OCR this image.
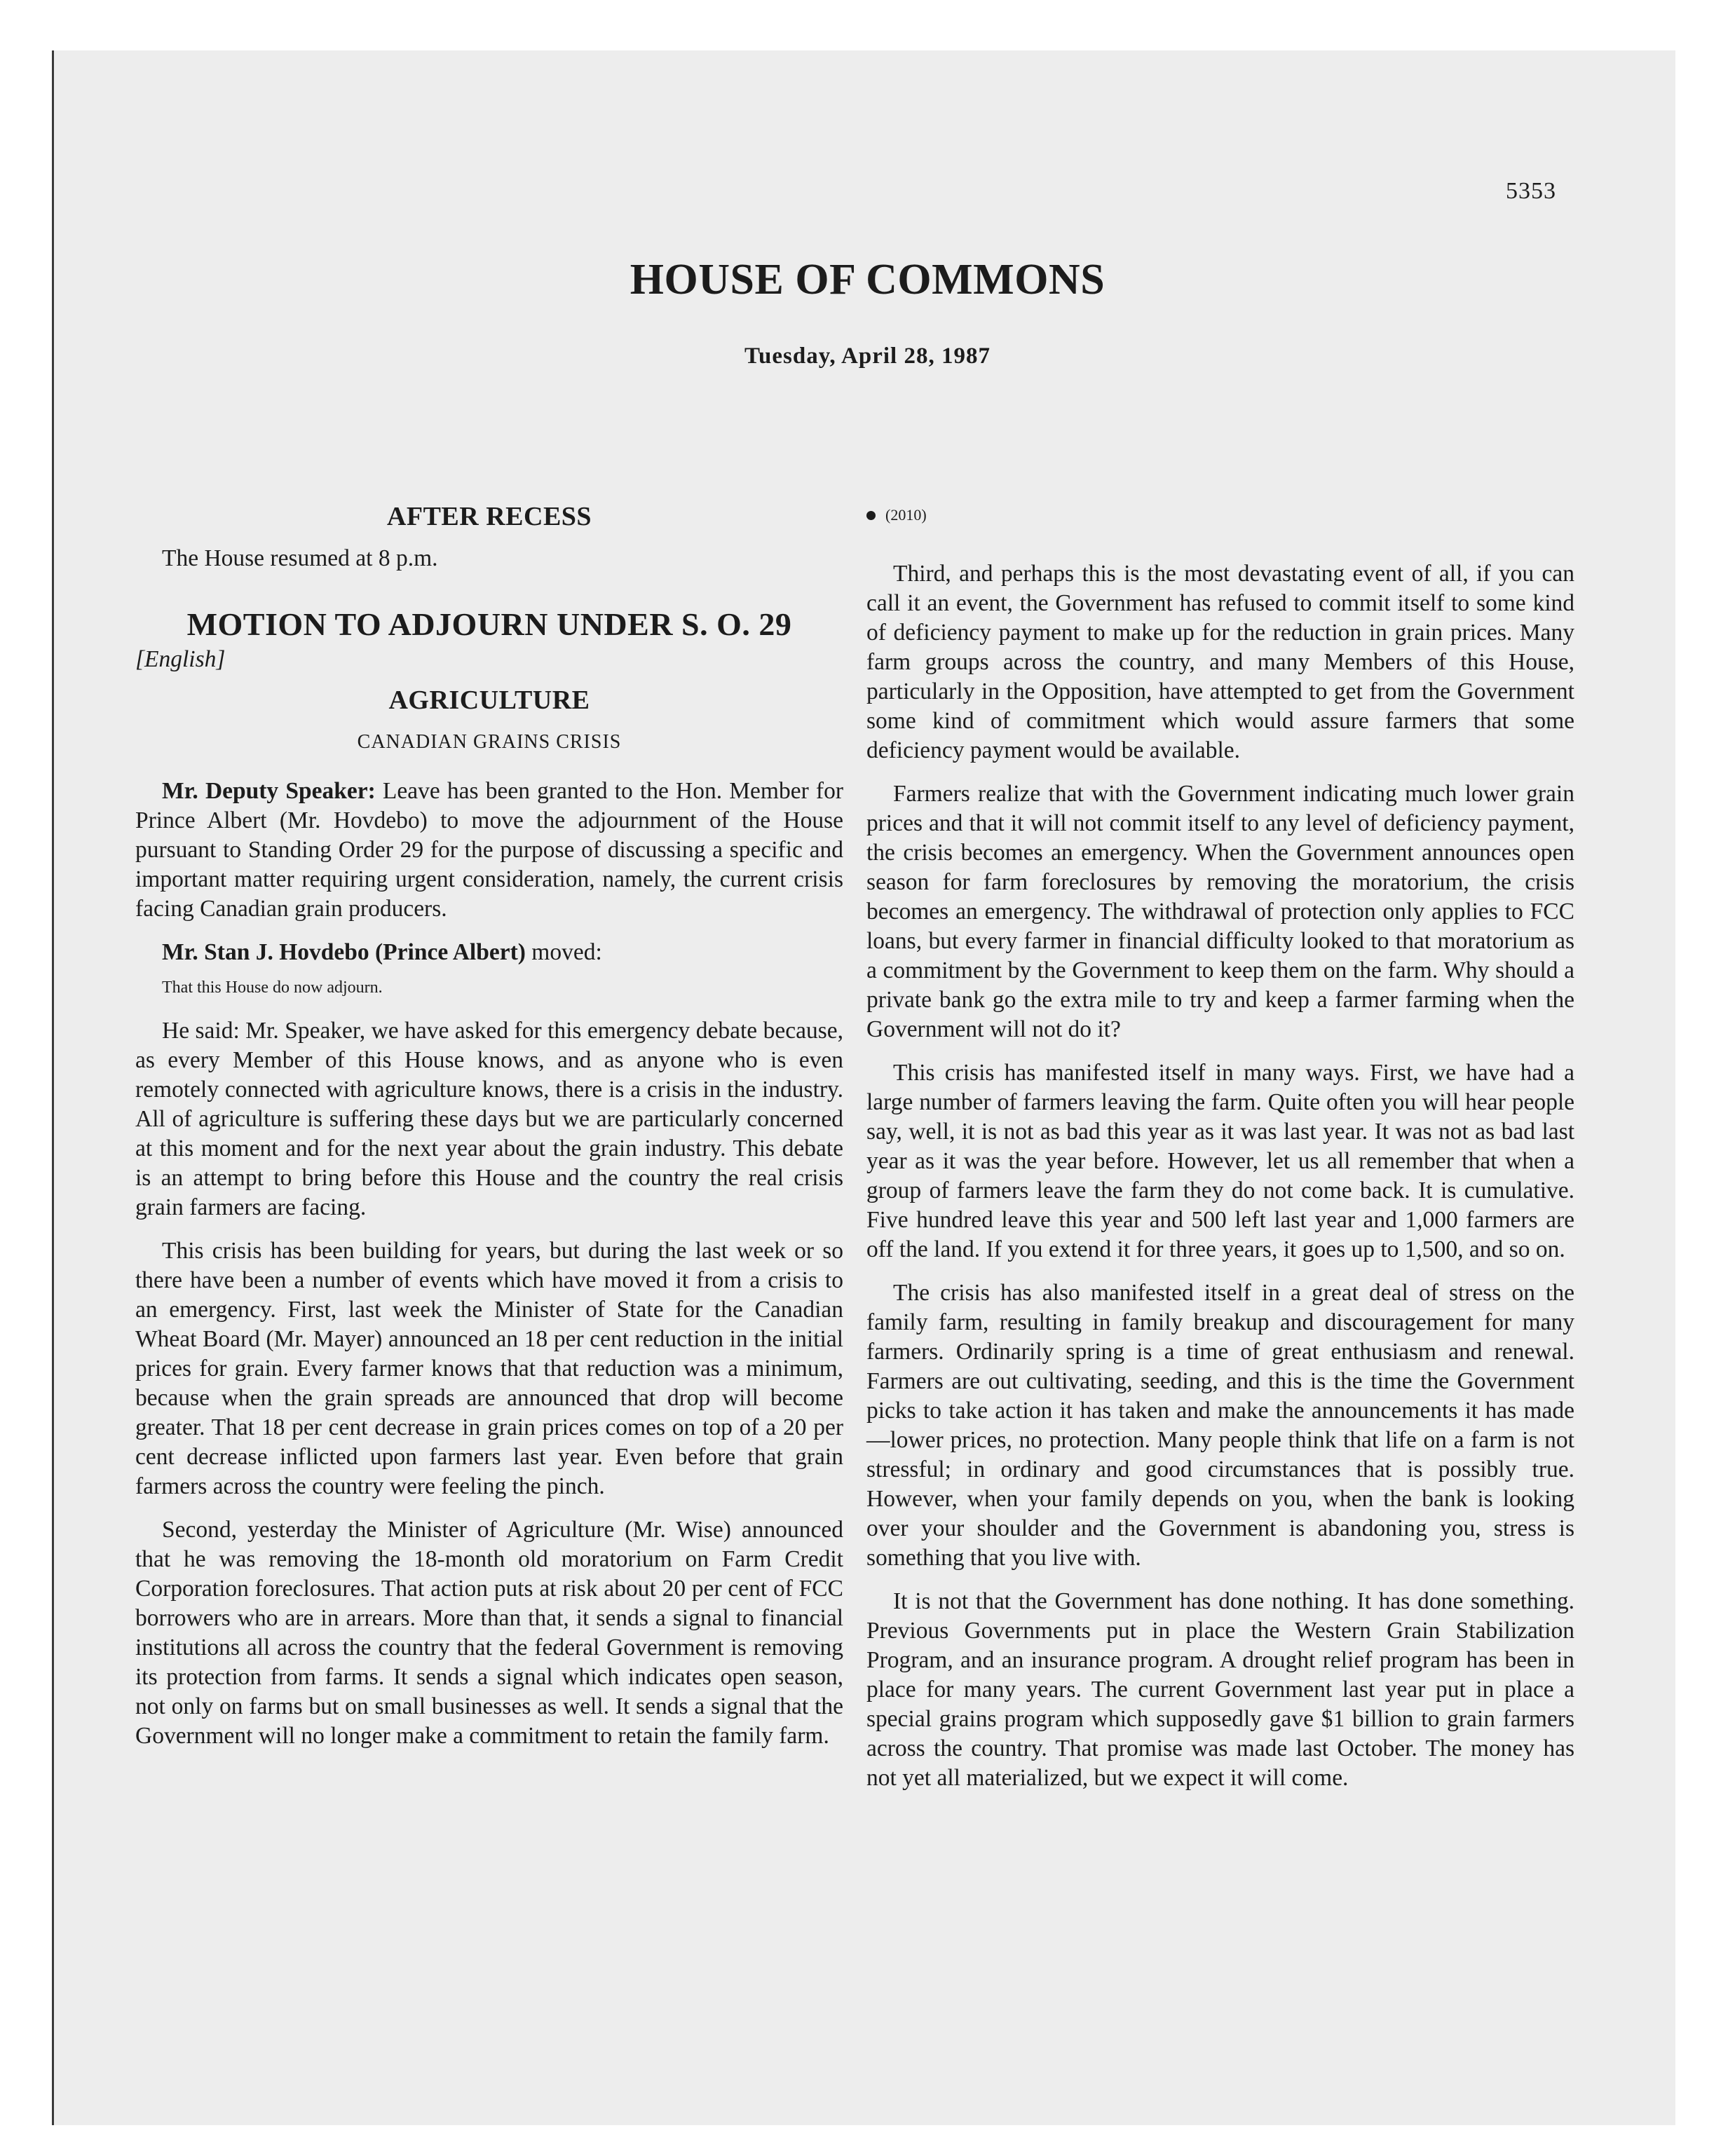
5353
HOUSE OF COMMONS
Tuesday, April 28, 1987
AFTER RECESS

The House resumed at 8 p.m.

MOTION TO ADJOURN UNDER S. O. 29
[English]
AGRICULTURE
CANADIAN GRAINS CRISIS

Mr. Deputy Speaker: Leave has been granted to the Hon. Member for Prince Albert (Mr. Hovdebo) to move the adjournment of the House pursuant to Standing Order 29 for the purpose of discussing a specific and important matter requiring urgent consideration, namely, the current crisis facing Canadian grain producers.

Mr. Stan J. Hovdebo (Prince Albert) moved:

That this House do now adjourn.

He said: Mr. Speaker, we have asked for this emergency debate because, as every Member of this House knows, and as anyone who is even remotely connected with agriculture knows, there is a crisis in the industry. All of agriculture is suffering these days but we are particularly concerned at this moment and for the next year about the grain industry. This debate is an attempt to bring before this House and the country the real crisis grain farmers are facing.

This crisis has been building for years, but during the last week or so there have been a number of events which have moved it from a crisis to an emergency. First, last week the Minister of State for the Canadian Wheat Board (Mr. Mayer) announced an 18 per cent reduction in the initial prices for grain. Every farmer knows that that reduction was a minimum, because when the grain spreads are announced that drop will become greater. That 18 per cent decrease in grain prices comes on top of a 20 per cent decrease inflicted upon farmers last year. Even before that grain farmers across the country were feeling the pinch.

Second, yesterday the Minister of Agriculture (Mr. Wise) announced that he was removing the 18-month old moratorium on Farm Credit Corporation foreclosures. That action puts at risk about 20 per cent of FCC borrowers who are in arrears. More than that, it sends a signal to financial institutions all across the country that the federal Government is removing its protection from farms. It sends a signal which indicates open season, not only on farms but on small businesses as well. It sends a signal that the Government will no longer make a commitment to retain the family farm.

(2010)

Third, and perhaps this is the most devastating event of all, if you can call it an event, the Government has refused to commit itself to some kind of deficiency payment to make up for the reduction in grain prices. Many farm groups across the country, and many Members of this House, particularly in the Opposition, have attempted to get from the Government some kind of commitment which would assure farmers that some deficiency payment would be available.

Farmers realize that with the Government indicating much lower grain prices and that it will not commit itself to any level of deficiency payment, the crisis becomes an emergency. When the Government announces open season for farm foreclosures by removing the moratorium, the crisis becomes an emergency. The withdrawal of protection only applies to FCC loans, but every farmer in financial difficulty looked to that moratorium as a commitment by the Government to keep them on the farm. Why should a private bank go the extra mile to try and keep a farmer farming when the Government will not do it?

This crisis has manifested itself in many ways. First, we have had a large number of farmers leaving the farm. Quite often you will hear people say, well, it is not as bad this year as it was last year. It was not as bad last year as it was the year before. However, let us all remember that when a group of farmers leave the farm they do not come back. It is cumulative. Five hundred leave this year and 500 left last year and 1,000 farmers are off the land. If you extend it for three years, it goes up to 1,500, and so on.

The crisis has also manifested itself in a great deal of stress on the family farm, resulting in family breakup and discouragement for many farmers. Ordinarily spring is a time of great enthusiasm and renewal. Farmers are out cultivating, seeding, and this is the time the Government picks to take action it has taken and make the announcements it has made—lower prices, no protection. Many people think that life on a farm is not stressful; in ordinary and good circumstances that is possibly true. However, when your family depends on you, when the bank is looking over your shoulder and the Government is abandoning you, stress is something that you live with.

It is not that the Government has done nothing. It has done something. Previous Governments put in place the Western Grain Stabilization Program, and an insurance program. A drought relief program has been in place for many years. The current Government last year put in place a special grains program which supposedly gave $1 billion to grain farmers across the country. That promise was made last October. The money has not yet all materialized, but we expect it will come.
